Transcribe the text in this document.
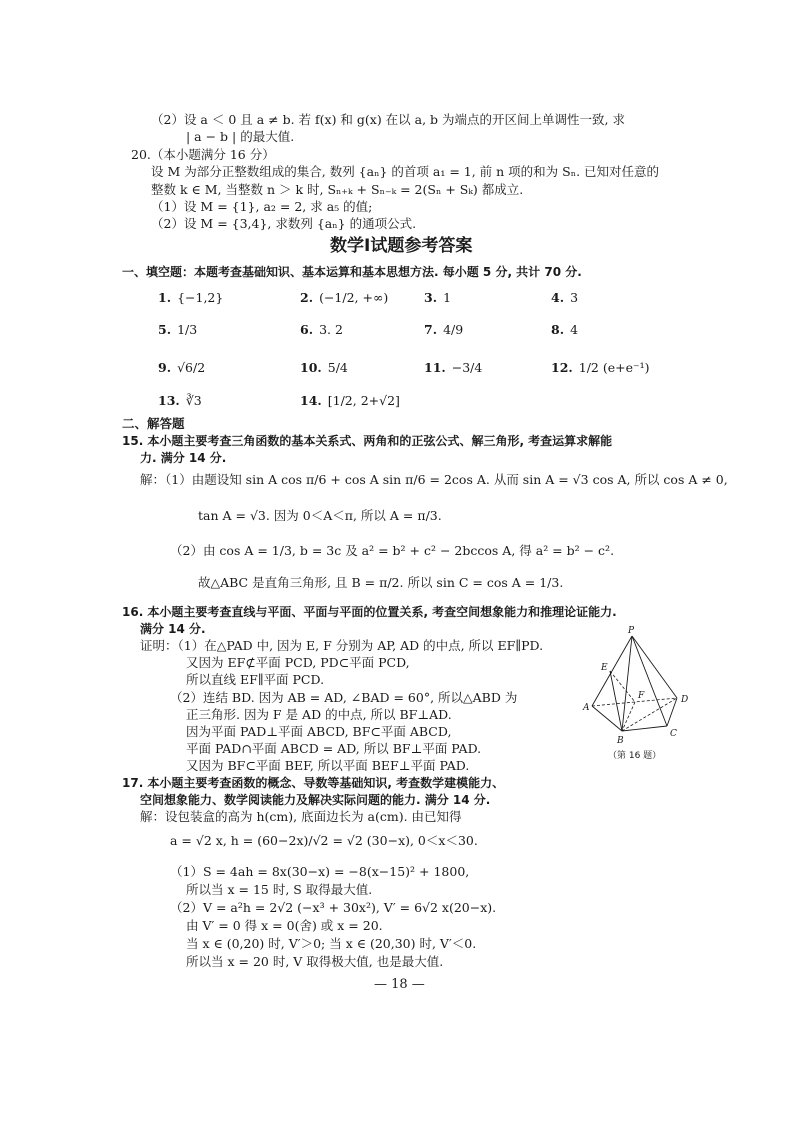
（2）设 a ＜ 0 且 a ≠ b. 若 f(x) 和 g(x) 在以 a, b 为端点的开区间上单调性一致, 求
| a − b | 的最大值.
20.（本小题满分 16 分）
设 M 为部分正整数组成的集合, 数列 {aₙ} 的首项 a₁ = 1, 前 n 项的和为 Sₙ. 已知对任意的
整数 k ∈ M, 当整数 n ＞ k 时, Sₙ₊ₖ + Sₙ₋ₖ = 2(Sₙ + Sₖ) 都成立.
（1）设 M = {1}, a₂ = 2, 求 a₅ 的值;
（2）设 M = {3,4}, 求数列 {aₙ} 的通项公式.
数学Ⅰ试题参考答案
一、填空题：本题考查基础知识、基本运算和基本思想方法. 每小题 5 分, 共计 70 分.
1. {−1,2}	2. (−1/2, +∞)	3. 1	4. 3
5. 1/3	6. 3. 2	7. 4/9	8. 4
9. √6/2	10. 5/4	11. −3/4	12. 1/2 (e+e⁻¹)
13. ∛3	14. [1/2, 2+√2]
二、解答题
15. 本小题主要考查三角函数的基本关系式、两角和的正弦公式、解三角形, 考查运算求解能
力. 满分 14 分.
解：（1）由题设知 sin A cos π/6 + cos A sin π/6 = 2cos A. 从而 sin A = √3 cos A, 所以 cos A ≠ 0,
tan A = √3. 因为 0＜A＜π, 所以 A = π/3.
（2）由 cos A = 1/3, b = 3c 及 a² = b² + c² − 2bccos A, 得 a² = b² − c².
故△ABC 是直角三角形, 且 B = π/2. 所以 sin C = cos A = 1/3.
16. 本小题主要考查直线与平面、平面与平面的位置关系, 考查空间想象能力和推理论证能力.
满分 14 分.
证明：（1）在△PAD 中, 因为 E, F 分别为 AP, AD 的中点, 所以 EF∥PD.
又因为 EF⊄平面 PCD, PD⊂平面 PCD,
所以直线 EF∥平面 PCD.
（2）连结 BD. 因为 AB = AD, ∠BAD = 60°, 所以△ABD 为
正三角形. 因为 F 是 AD 的中点, 所以 BF⊥AD.
因为平面 PAD⊥平面 ABCD, BF⊂平面 ABCD,
平面 PAD∩平面 ABCD = AD, 所以 BF⊥平面 PAD.
又因为 BF⊂平面 BEF, 所以平面 BEF⊥平面 PAD.
P
E
A
F	D
B
C
（第 16 题）
17. 本小题主要考查函数的概念、导数等基础知识, 考查数学建模能力、
空间想象能力、数学阅读能力及解决实际问题的能力. 满分 14 分.
解：设包装盒的高为 h(cm), 底面边长为 a(cm). 由已知得
a = √2 x, h = (60−2x)/√2 = √2 (30−x), 0＜x＜30.
（1）S = 4ah = 8x(30−x) = −8(x−15)² + 1800,
所以当 x = 15 时, S 取得最大值.
（2）V = a²h = 2√2 (−x³ + 30x²), V′ = 6√2 x(20−x).
由 V′ = 0 得 x = 0(舍) 或 x = 20.
当 x ∈ (0,20) 时, V′＞0; 当 x ∈ (20,30) 时, V′＜0.
所以当 x = 20 时, V 取得极大值, 也是最大值.
— 18 —
